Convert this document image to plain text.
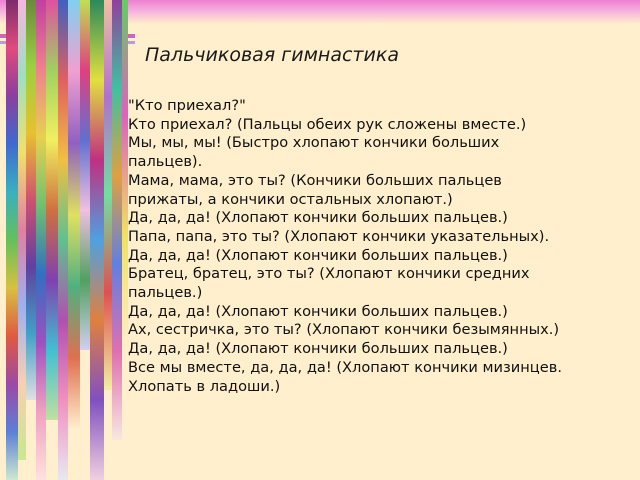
Пальчиковая гимнастика

"Кто приехал?"

Кто приехал? (Пальцы обеих рук сложены вместе.)

Мы, мы, мы! (Быстро хлопают кончики больших пальцев).

Мама, мама, это ты? (Кончики больших пальцев прижаты, а кончики остальных хлопают.)

Да, да, да! (Хлопают кончики больших пальцев.)

Папа, папа, это ты? (Хлопают кончики указательных).

Да, да, да! (Хлопают кончики больших пальцев.)

Братец, братец, это ты? (Хлопают кончики средних пальцев.)

Да, да, да! (Хлопают кончики больших пальцев.)

Ах, сестричка, это ты? (Хлопают кончики безымянных.)

Да, да, да! (Хлопают кончики больших пальцев.)

Все мы вместе, да, да, да! (Хлопают кончики мизинцев. Хлопать в ладоши.)
